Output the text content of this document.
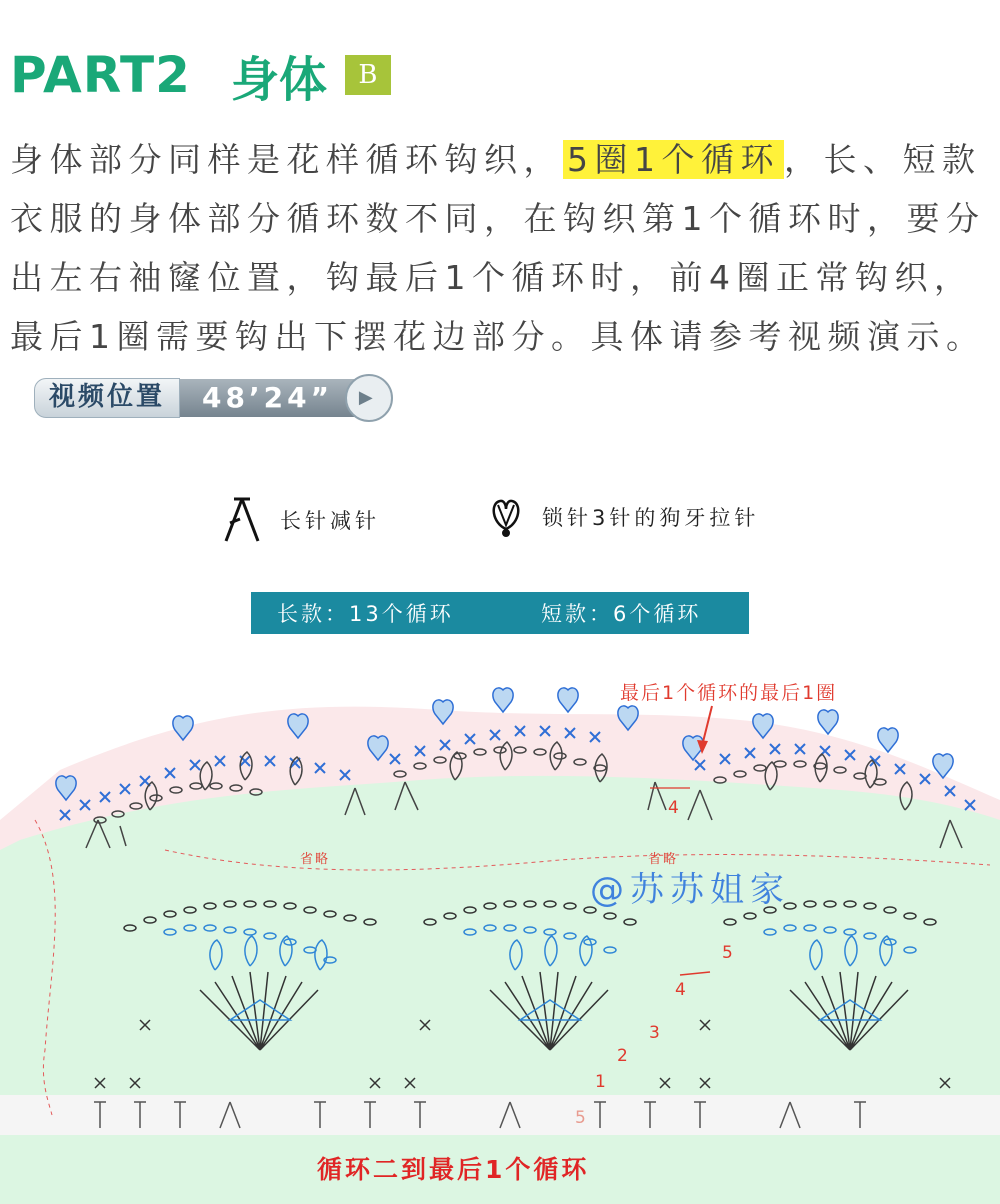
PART2 身体	B
身体部分同样是花样循环钩织， 5圈1个循环 ，长、短款衣服的身体部分循环数不同，在钩织第1个循环时，要分出左右袖窿位置，钩最后1个循环时，前4圈正常钩织，最后1圈需要钩出下摆花边部分。具体请参考视频演示。
视频位置	48’24”	▶
长针减针	锁针3针的狗牙拉针
长款：13个循环	短款：6个循环
最后1个循环的最后1圈
省略	省略
@苏苏姐家
1
2
3
4
5
4
5
循环二到最后1个循环
